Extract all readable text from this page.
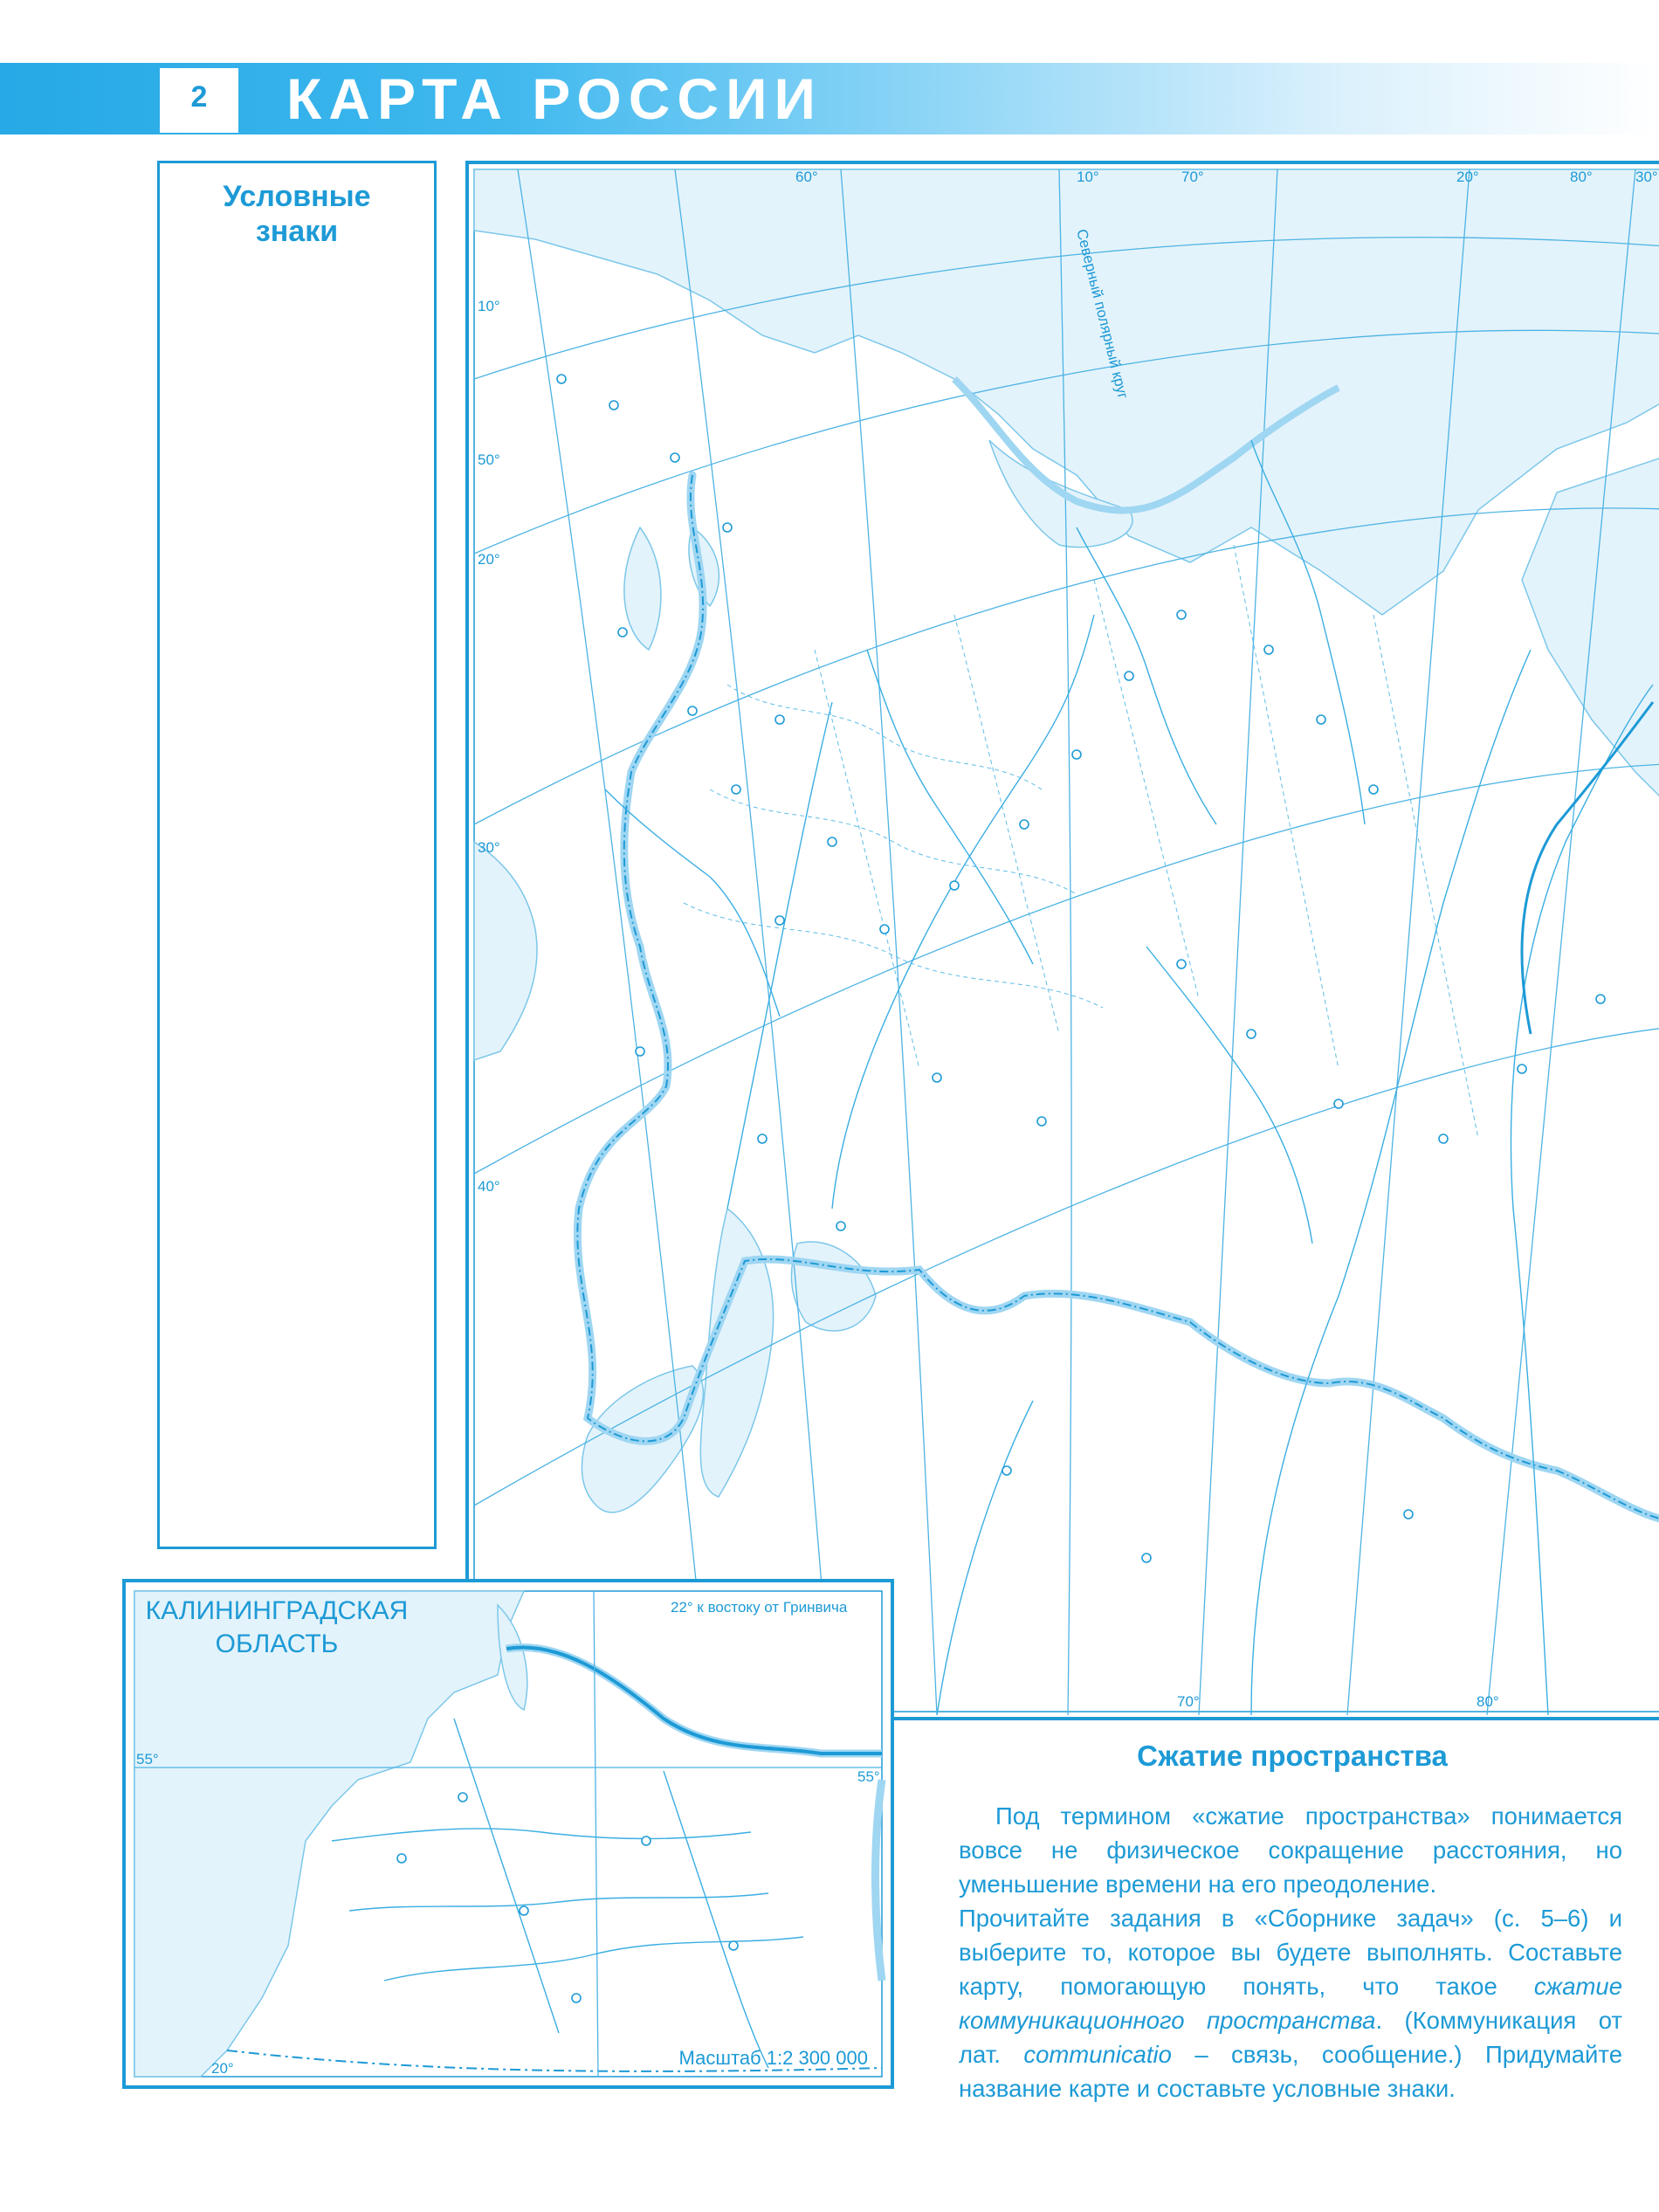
2	КАРТА РОССИИ
Условные
знаки	Северный полярный круг
60°	10°	70°	20°	80°	30°
10°
50°
20°
30°
40°
70°	80°
22° к востоку от Гринвича
55°
55°
20°
КАЛИНИНГРАДСКАЯ
ОБЛАСТЬ
Масштаб 1:2 300 000
Сжатие пространства

Под термином «сжатие пространства» понимается вовсе не физическое сокращение расстояния, но уменьшение времени на его преодоление.

Прочитайте задания в «Сборнике задач» (с. 5–6) и выберите то, которое вы будете выполнять. Составьте карту, помогающую понять, что такое сжатие коммуникационного пространства. (Коммуникация от лат. communicatio – связь, сообщение.) Придумайте название карте и составьте условные знаки.
